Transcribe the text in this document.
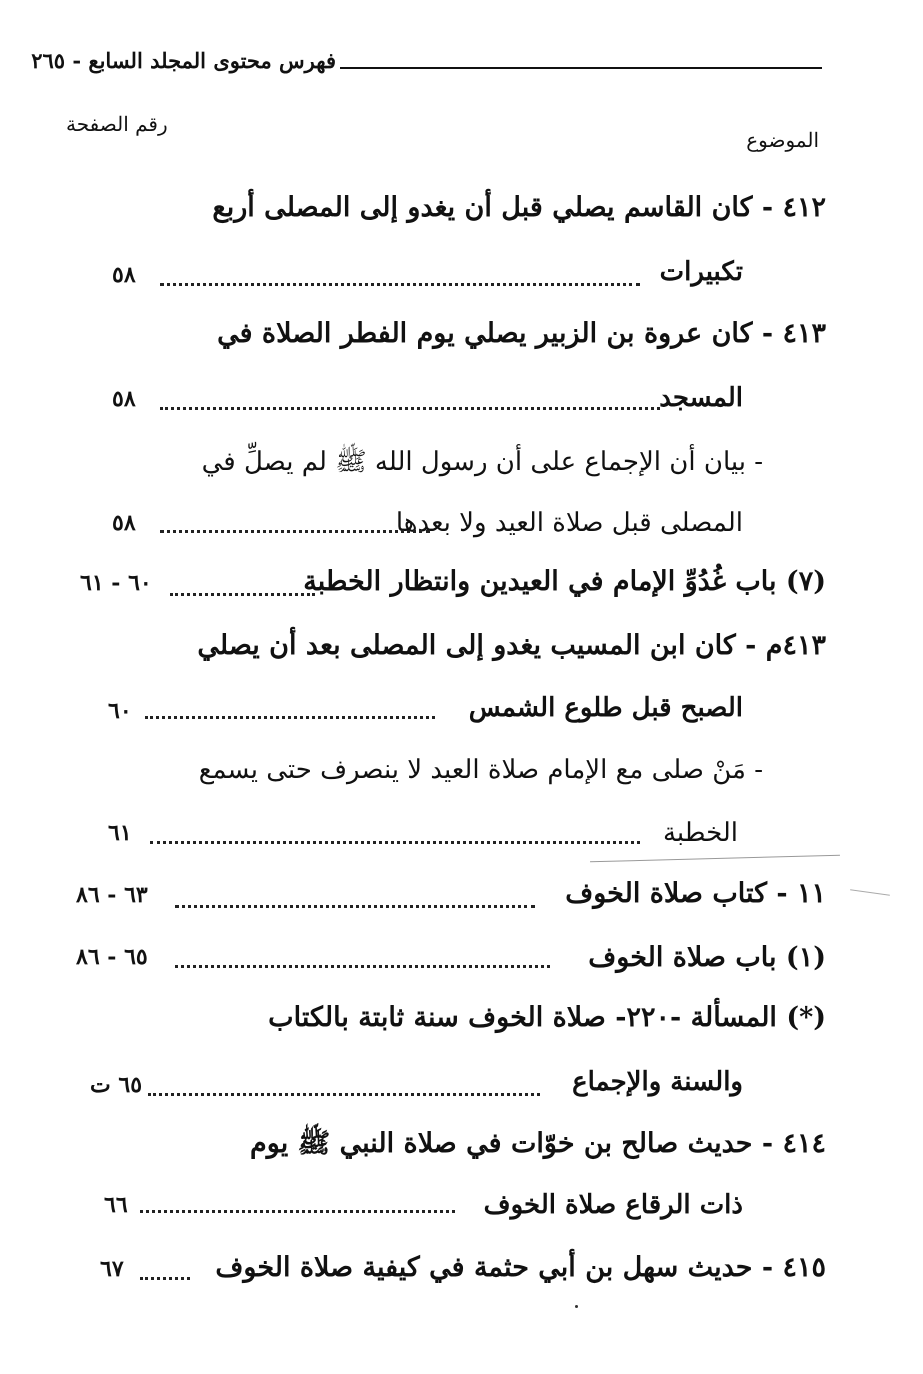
فهرس محتوى المجلد السابع - ٢٦٥
رقم الصفحة
الموضوع
٤١٢ - كان القاسم يصلي قبل أن يغدو إلى المصلى أربع
تكبيرات
٥٨
٤١٣ - كان عروة بن الزبير يصلي يوم الفطر الصلاة في
المسجد
٥٨
- بيان أن الإجماع على أن رسول الله ﷺ لم يصلِّ في
المصلى قبل صلاة العيد ولا بعدها
٥٨
(٧) باب غُدُوِّ الإمام في العيدين وانتظار الخطبة
٦٠ - ٦١
٤١٣م - كان ابن المسيب يغدو إلى المصلى بعد أن يصلي
الصبح قبل طلوع الشمس
٦٠
- مَنْ صلى مع الإمام صلاة العيد لا ينصرف حتى يسمع
الخطبة
٦١
١١ - كتاب صلاة الخوف
٦٣ - ٨٦
(١) باب صلاة الخوف
٦٥ - ٨٦
(*) المسألة -٢٢٠- صلاة الخوف سنة ثابتة بالكتاب
والسنة والإجماع
٦٥ ت
٤١٤ - حديث صالح بن خوّات في صلاة النبي ﷺ يوم
ذات الرقاع صلاة الخوف
٦٦
٤١٥ - حديث سهل بن أبي حثمة في كيفية صلاة الخوف
٦٧
